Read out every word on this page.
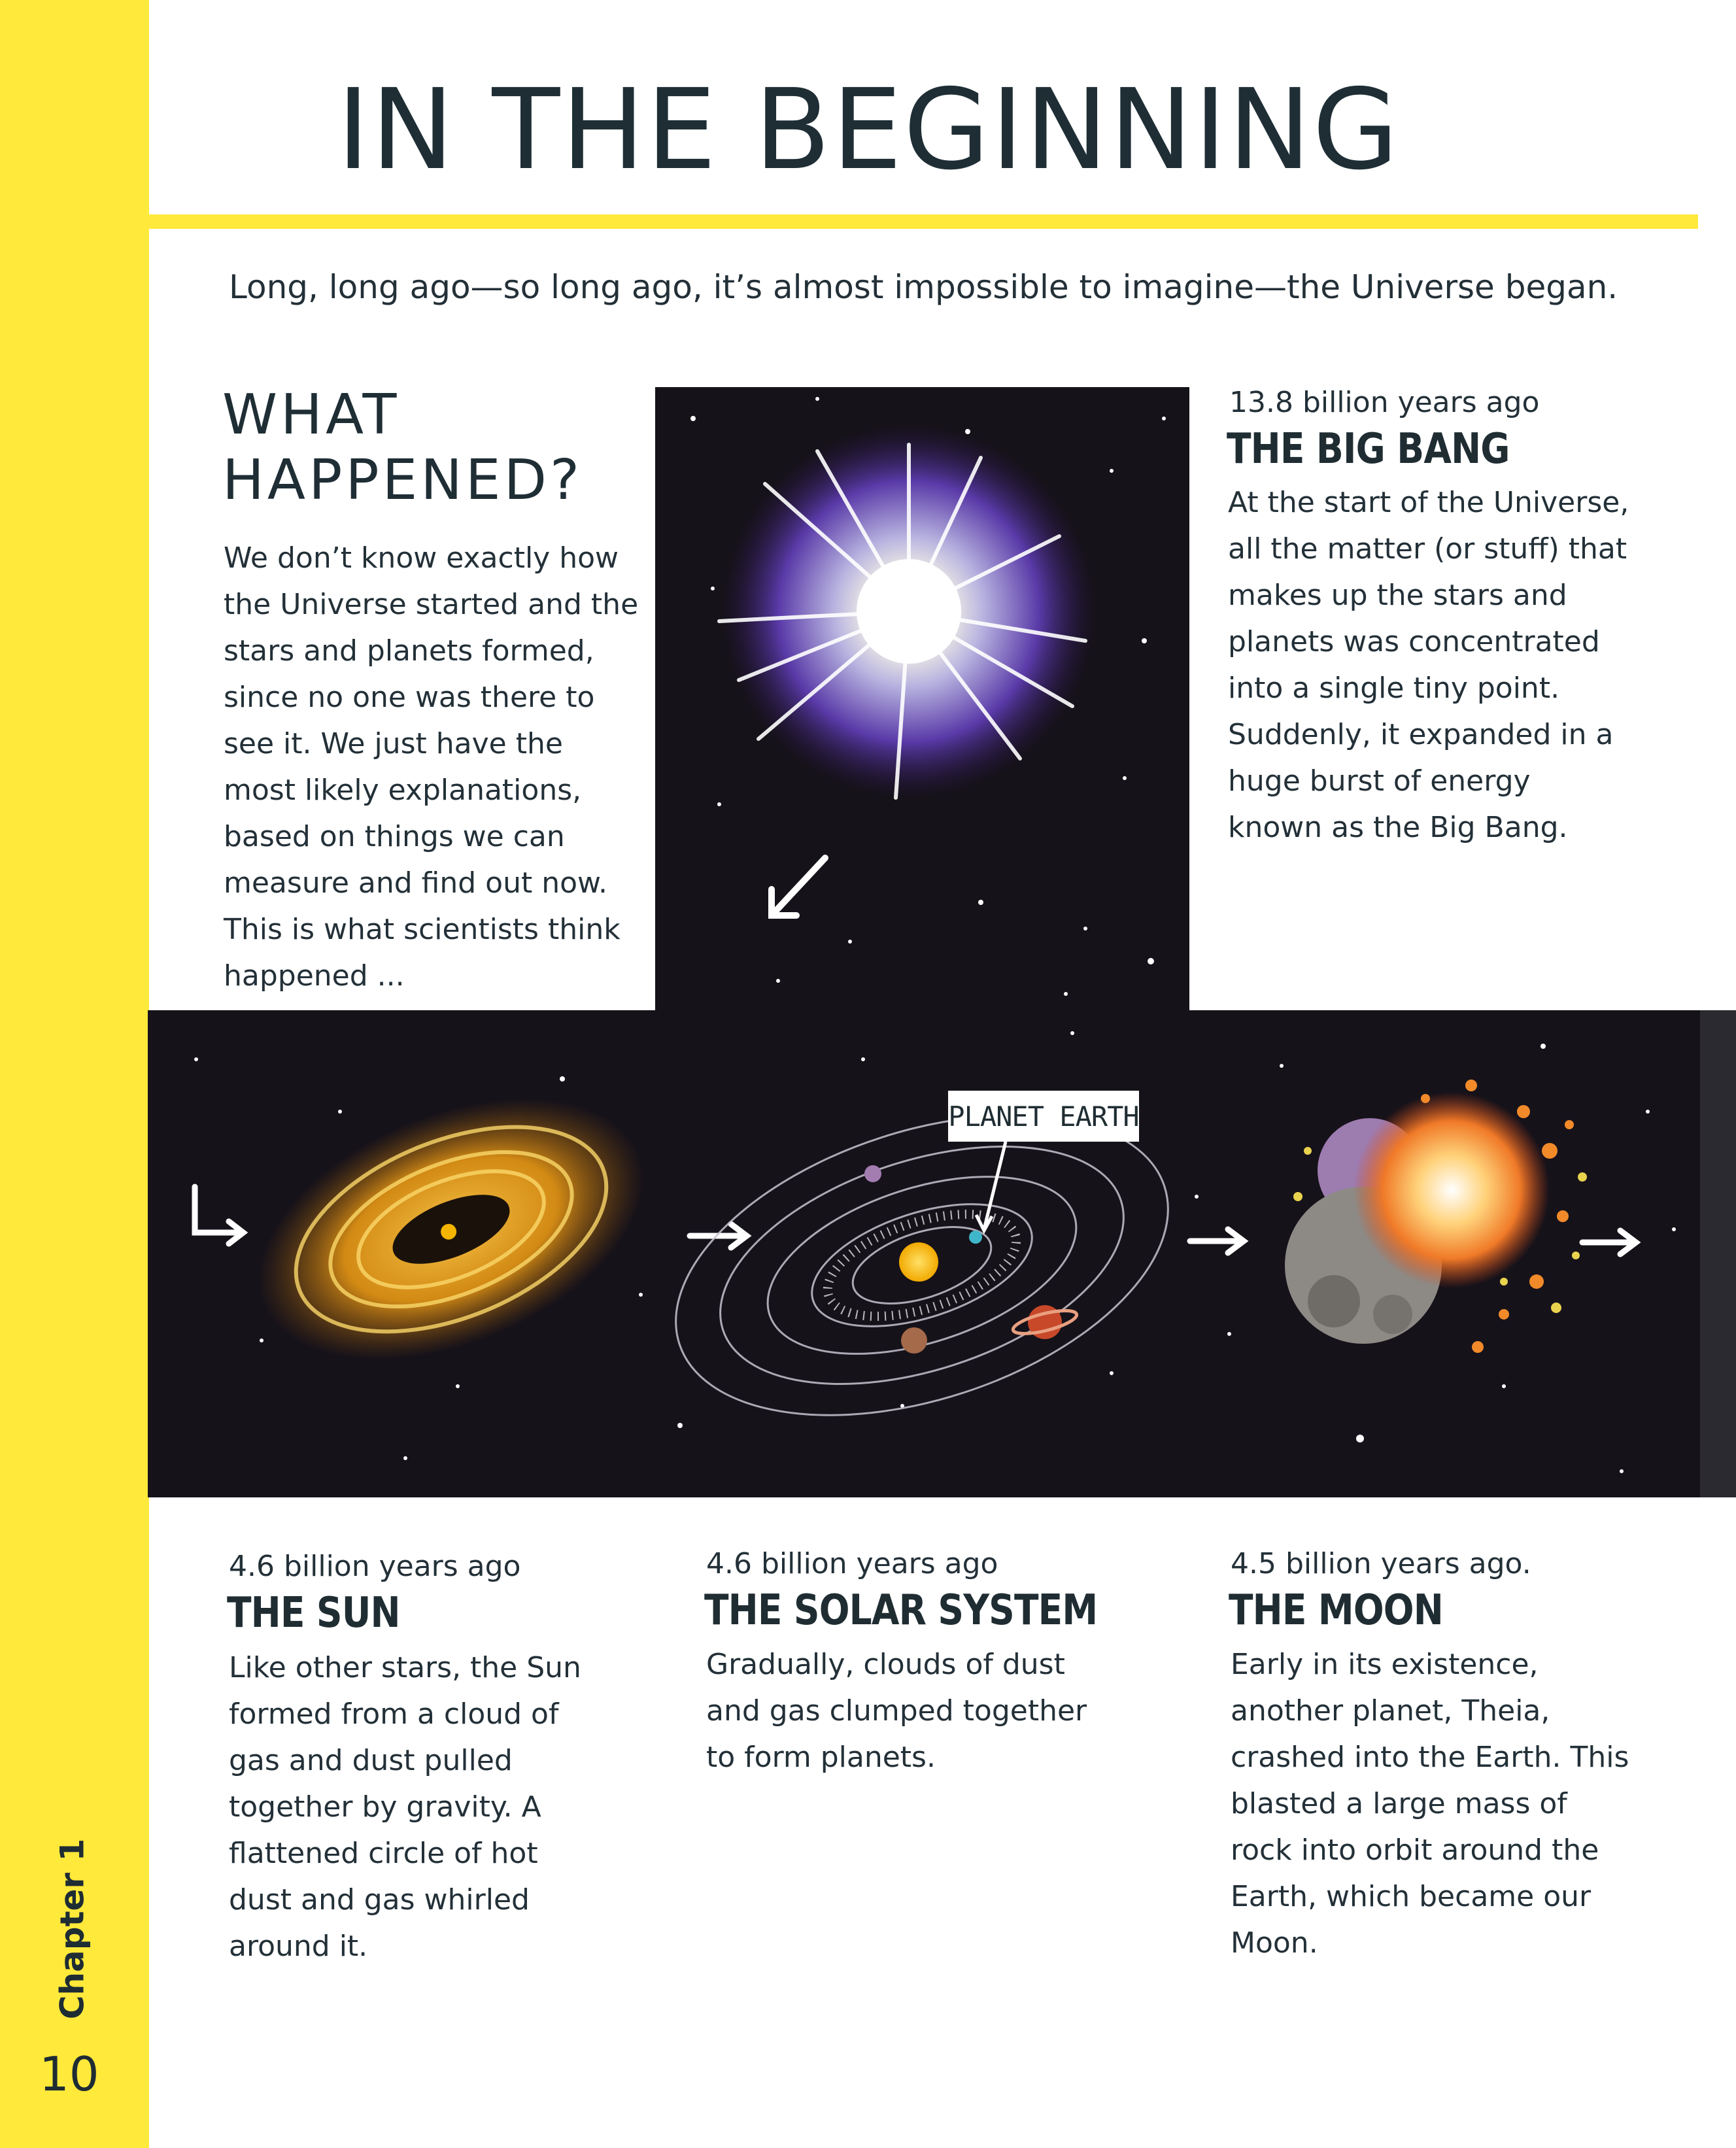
Chapter 1
10
IN THE BEGINNING
Long, long ago—so long ago, it’s almost impossible to imagine—the Universe began.
PLANET EARTH
WHAT
HAPPENED?
We don’t know exactly how the Universe started and the stars and planets formed, since no one was there to see it. We just have the most likely explanations, based on things we can measure and find out now. This is what scientists think happened ...
13.8 billion years ago
THE BIG BANG
At the start of the Universe, all the matter (or stuff) that makes up the stars and planets was concentrated into a single tiny point. Suddenly, it expanded in a huge burst of energy known as the Big Bang.
4.6 billion years ago
THE SUN
Like other stars, the Sun formed from a cloud of gas and dust pulled together by gravity. A flattened circle of hot dust and gas whirled around it.
4.6 billion years ago
THE SOLAR SYSTEM
Gradually, clouds of dust and gas clumped together to form planets.
4.5 billion years ago.
THE MOON
Early in its existence, another planet, Theia, crashed into the Earth. This blasted a large mass of rock into orbit around the Earth, which became our Moon.
